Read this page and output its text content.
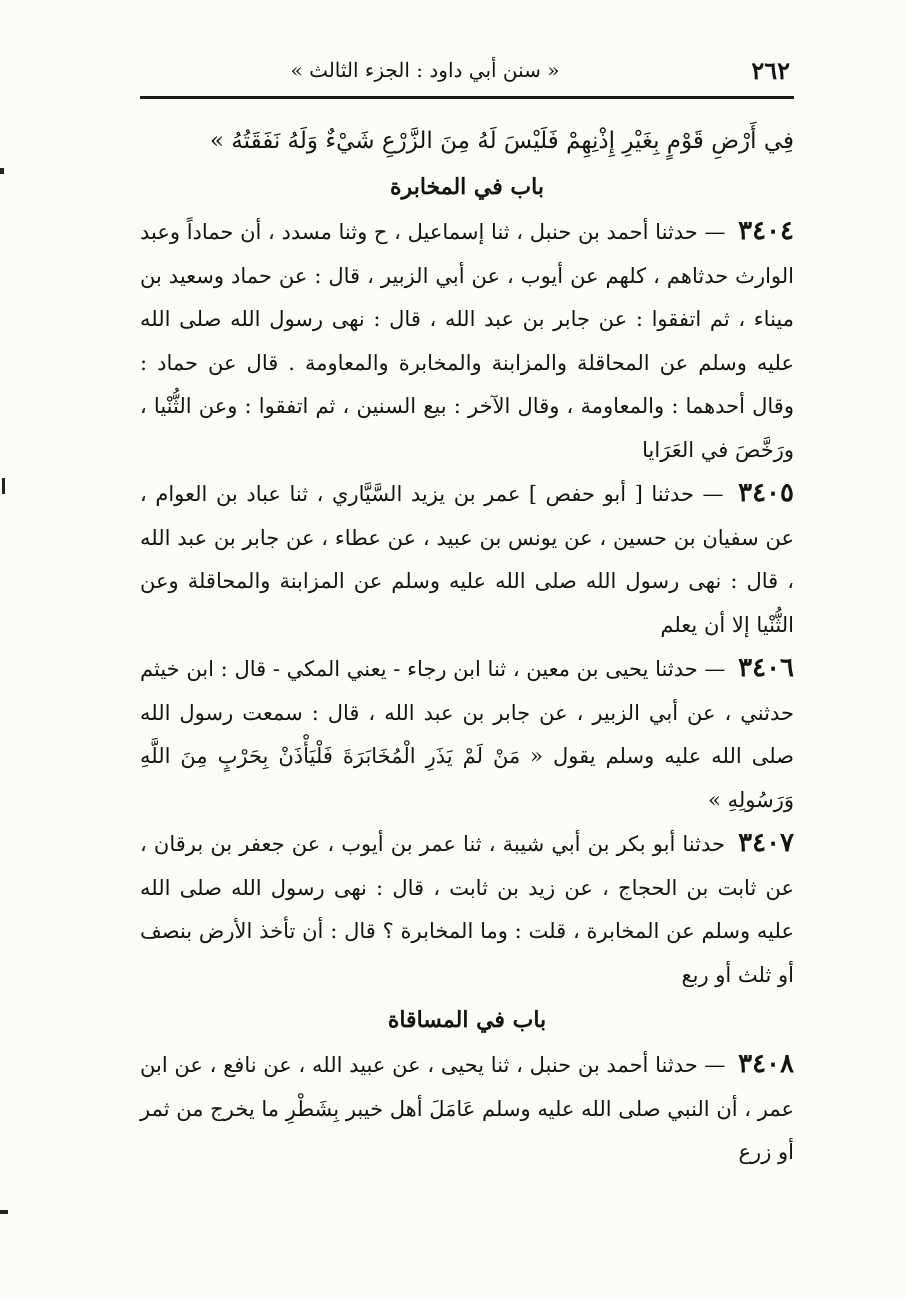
٢٦٢
« سنن أبي داود : الجزء الثالث »

فِي أَرْضِ قَوْمٍ بِغَيْرِ إِذْنِهِمْ فَلَيْسَ لَهُ مِنَ الزَّرْعِ شَيْءٌ وَلَهُ نَفَقَتُهُ »

باب في المخابرة

٣٤٠٤ — حدثنا أحمد بن حنبل ، ثنا إسماعيل ، ح وثنا مسدد ، أن حماداً وعبد الوارث حدثاهم ، كلهم عن أيوب ، عن أبي الزبير ، قال : عن حماد وسعيد بن ميناء ، ثم اتفقوا : عن جابر بن عبد الله ، قال : نهى رسول الله صلى الله عليه وسلم عن المحاقلة والمزابنة والمخابرة والمعاومة . قال عن حماد : وقال أحدهما : والمعاومة ، وقال الآخر : بيع السنين ، ثم اتفقوا : وعن الثُّنْيا ، ورَخَّصَ في العَرَايا

٣٤٠٥ — حدثنا [ أبو حفص ] عمر بن يزيد السَّيَّاري ، ثنا عباد بن العوام ، عن سفيان بن حسين ، عن يونس بن عبيد ، عن عطاء ، عن جابر بن عبد الله ، قال : نهى رسول الله صلى الله عليه وسلم عن المزابنة والمحاقلة وعن الثُّنْيا إلا أن يعلم

٣٤٠٦ — حدثنا يحيى بن معين ، ثنا ابن رجاء - يعني المكي - قال : ابن خيثم حدثني ، عن أبي الزبير ، عن جابر بن عبد الله ، قال : سمعت رسول الله صلى الله عليه وسلم يقول « مَنْ لَمْ يَذَرِ الْمُخَابَرَةَ فَلْيَأْذَنْ بِحَرْبٍ مِنَ اللَّهِ وَرَسُولِهِ »

٣٤٠٧ حدثنا أبو بكر بن أبي شيبة ، ثنا عمر بن أيوب ، عن جعفر بن برقان ، عن ثابت بن الحجاج ، عن زيد بن ثابت ، قال : نهى رسول الله صلى الله عليه وسلم عن المخابرة ، قلت : وما المخابرة ؟ قال : أن تأخذ الأرض بنصف أو ثلث أو ربع

باب في المساقاة

٣٤٠٨ — حدثنا أحمد بن حنبل ، ثنا يحيى ، عن عبيد الله ، عن نافع ، عن ابن عمر ، أن النبي صلى الله عليه وسلم عَامَلَ أهل خيبر بِشَطْرِ ما يخرج من ثمر أو زرع
